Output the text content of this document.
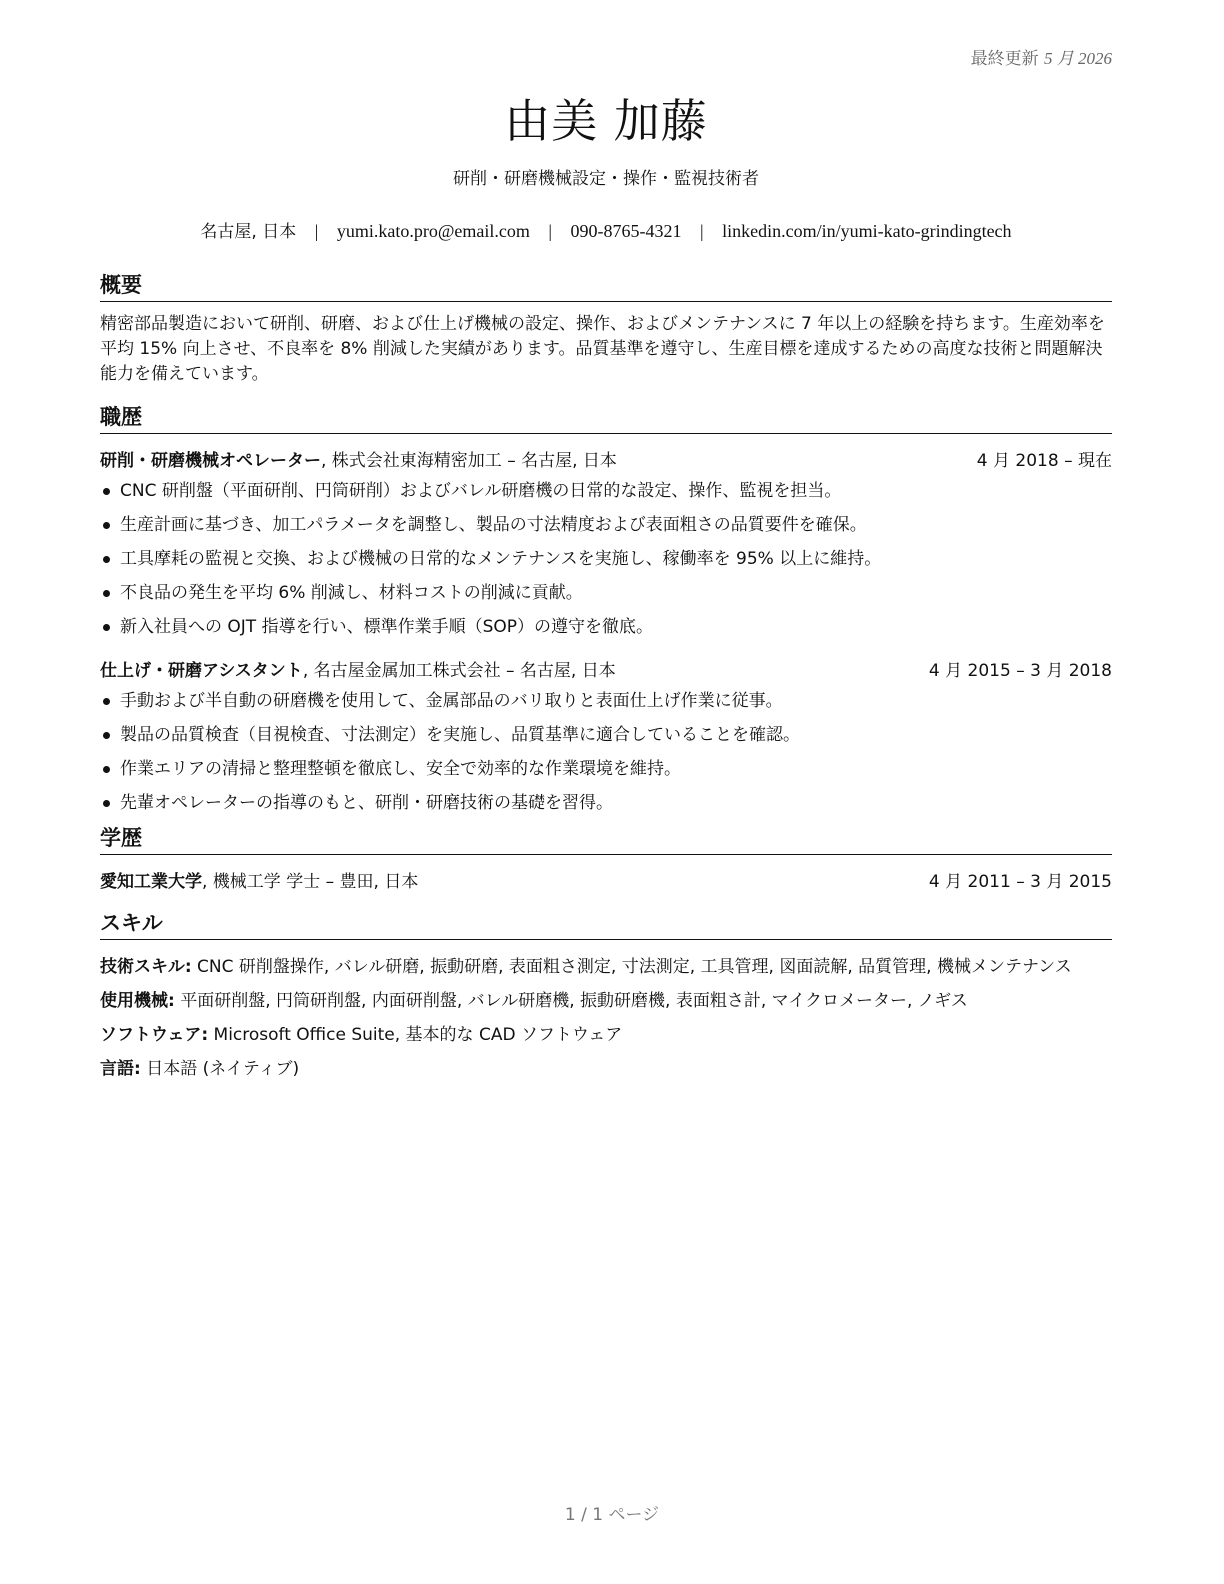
最終更新 5 月 2026
由美 加藤
研削・研磨機械設定・操作・監視技術者
名古屋, 日本 | yumi.kato.pro@email.com | 090-8765-4321 | linkedin.com/in/yumi-kato-grindingtech
概要
精密部品製造において研削、研磨、および仕上げ機械の設定、操作、およびメンテナンスに 7 年以上の経験を持ちます。生産効率を平均 15% 向上させ、不良率を 8% 削減した実績があります。品質基準を遵守し、生産目標を達成するための高度な技術と問題解決能力を備えています。
職歴
研削・研磨機械オペレーター, 株式会社東海精密加工 – 名古屋, 日本	4 月 2018 – 現在
CNC 研削盤（平面研削、円筒研削）およびバレル研磨機の日常的な設定、操作、監視を担当。
生産計画に基づき、加工パラメータを調整し、製品の寸法精度および表面粗さの品質要件を確保。
工具摩耗の監視と交換、および機械の日常的なメンテナンスを実施し、稼働率を 95% 以上に維持。
不良品の発生を平均 6% 削減し、材料コストの削減に貢献。
新入社員への OJT 指導を行い、標準作業手順（SOP）の遵守を徹底。
仕上げ・研磨アシスタント, 名古屋金属加工株式会社 – 名古屋, 日本	4 月 2015 – 3 月 2018
手動および半自動の研磨機を使用して、金属部品のバリ取りと表面仕上げ作業に従事。
製品の品質検査（目視検査、寸法測定）を実施し、品質基準に適合していることを確認。
作業エリアの清掃と整理整頓を徹底し、安全で効率的な作業環境を維持。
先輩オペレーターの指導のもと、研削・研磨技術の基礎を習得。
学歴
愛知工業大学, 機械工学 学士 – 豊田, 日本	4 月 2011 – 3 月 2015
スキル
技術スキル: CNC 研削盤操作, バレル研磨, 振動研磨, 表面粗さ測定, 寸法測定, 工具管理, 図面読解, 品質管理, 機械メンテナンス
使用機械: 平面研削盤, 円筒研削盤, 内面研削盤, バレル研磨機, 振動研磨機, 表面粗さ計, マイクロメーター, ノギス
ソフトウェア: Microsoft Office Suite, 基本的な CAD ソフトウェア
言語: 日本語 (ネイティブ)
1 / 1 ページ
